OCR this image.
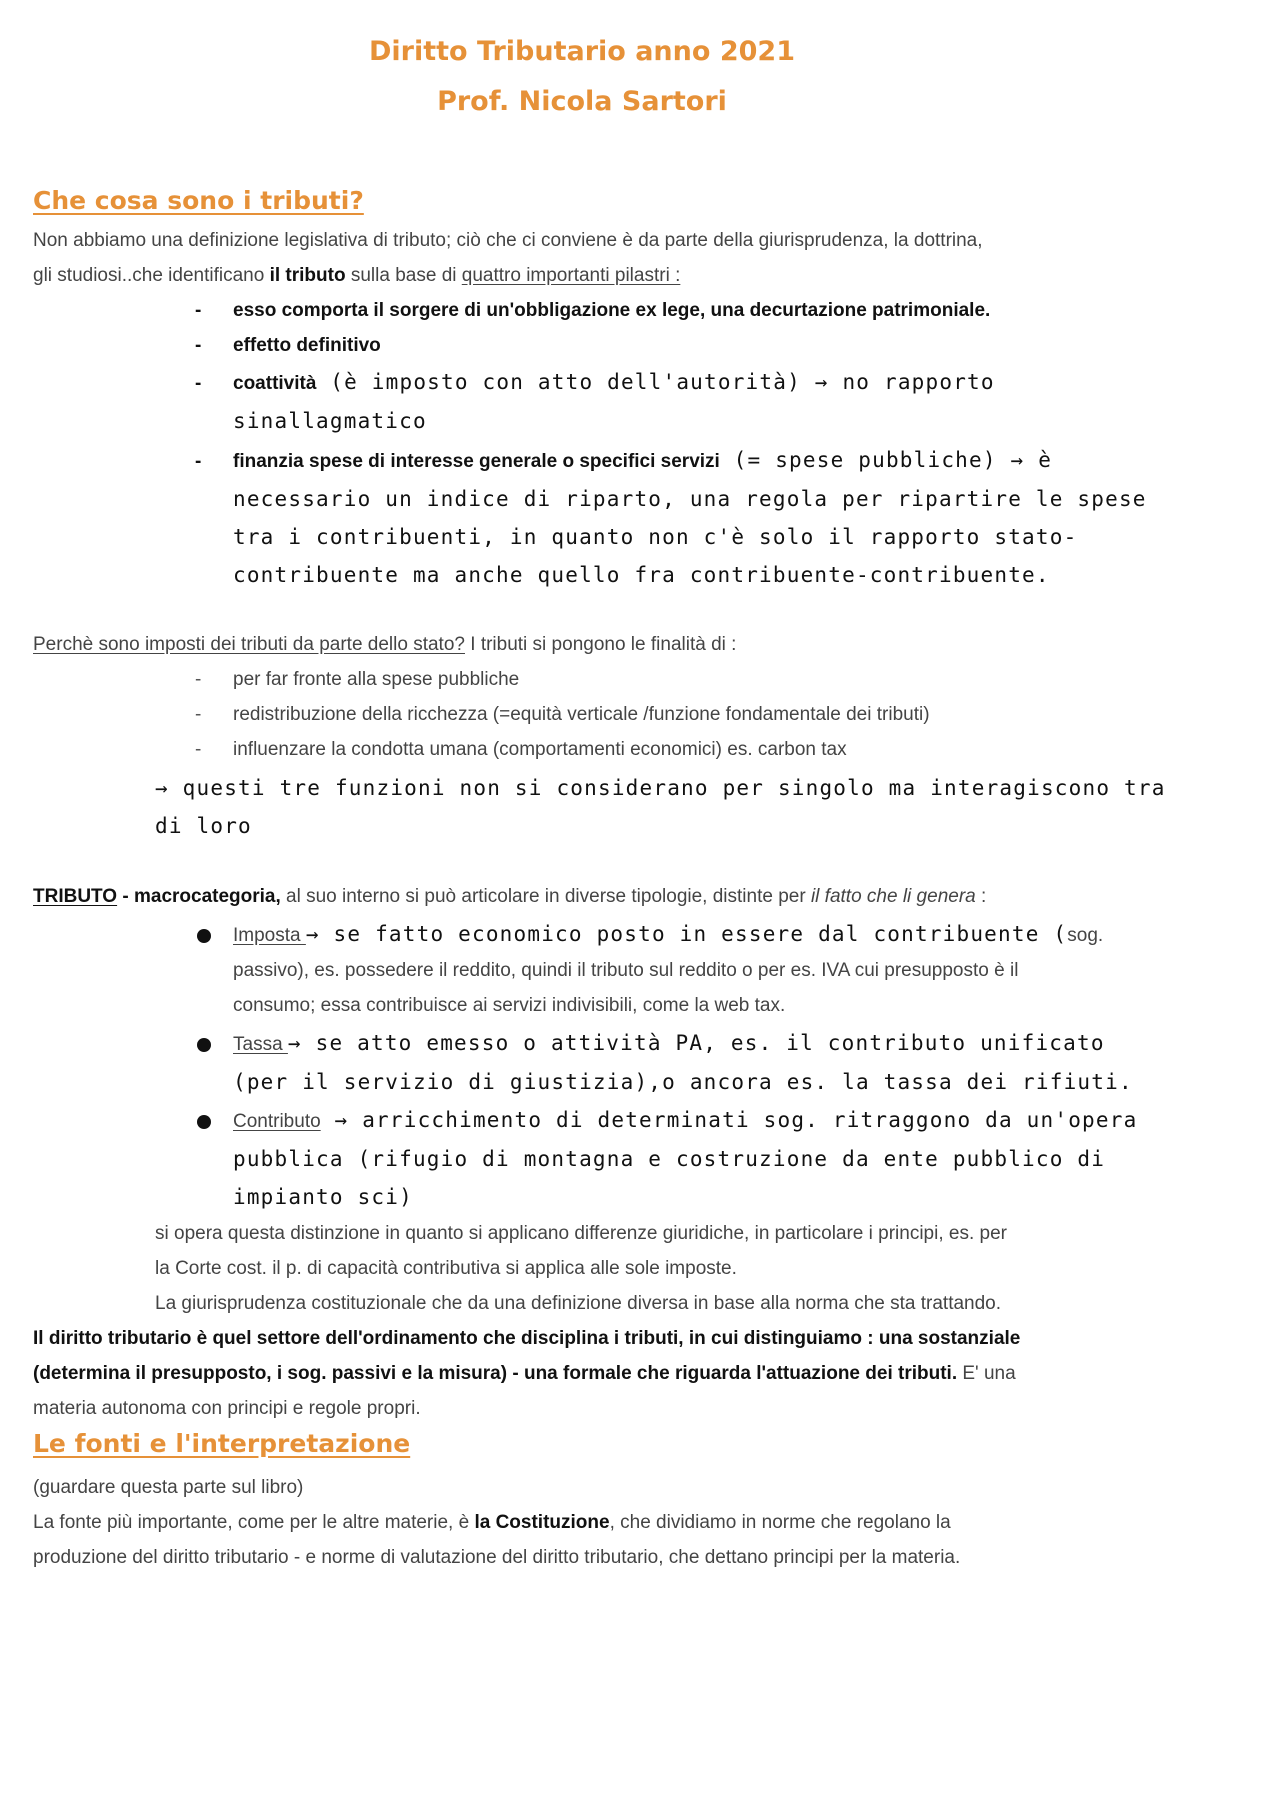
Diritto Tributario anno 2021
Prof. Nicola Sartori
Che cosa sono i tributi?
Non abbiamo una definizione legislativa di tributo; ciò che ci conviene è da parte della giurisprudenza, la dottrina,
gli studiosi..che identificano il tributo sulla base di quattro importanti pilastri :
- esso comporta il sorgere di un'obbligazione ex lege, una decurtazione patrimoniale.
- effetto definitivo
- coattività (è imposto con atto dell'autorità) → no rapporto
sinallagmatico
- finanzia spese di interesse generale o specifici servizi (= spese pubbliche) → è
necessario un indice di riparto, una regola per ripartire le spese
tra i contribuenti, in quanto non c'è solo il rapporto stato-
contribuente ma anche quello fra contribuente-contribuente.
Perchè sono imposti dei tributi da parte dello stato? I tributi si pongono le finalità di :
- per far fronte alla spese pubbliche
- redistribuzione della ricchezza (=equità verticale /funzione fondamentale dei tributi)
- influenzare la condotta umana (comportamenti economici) es. carbon tax
→ questi tre funzioni non si considerano per singolo ma interagiscono tra
di loro
TRIBUTO - macrocategoria, al suo interno si può articolare in diverse tipologie, distinte per il fatto che li genera :
Imposta → se fatto economico posto in essere dal contribuente (sog.
passivo), es. possedere il reddito, quindi il tributo sul reddito o per es. IVA cui presupposto è il
consumo; essa contribuisce ai servizi indivisibili, come la web tax.
Tassa → se atto emesso o attività PA, es. il contributo unificato
(per il servizio di giustizia),o ancora es. la tassa dei rifiuti.
Contributo → arricchimento di determinati sog. ritraggono da un'opera
pubblica (rifugio di montagna e costruzione da ente pubblico di
impianto sci)
si opera questa distinzione in quanto si applicano differenze giuridiche, in particolare i principi, es. per
la Corte cost. il p. di capacità contributiva si applica alle sole imposte.
La giurisprudenza costituzionale che da una definizione diversa in base alla norma che sta trattando.
Il diritto tributario è quel settore dell'ordinamento che disciplina i tributi, in cui distinguiamo : una sostanziale
(determina il presupposto, i sog. passivi e la misura) - una formale che riguarda l'attuazione dei tributi. E' una
materia autonoma con principi e regole propri.
Le fonti e l'interpretazione
(guardare questa parte sul libro)
La fonte più importante, come per le altre materie, è la Costituzione, che dividiamo in norme che regolano la
produzione del diritto tributario - e norme di valutazione del diritto tributario, che dettano principi per la materia.
